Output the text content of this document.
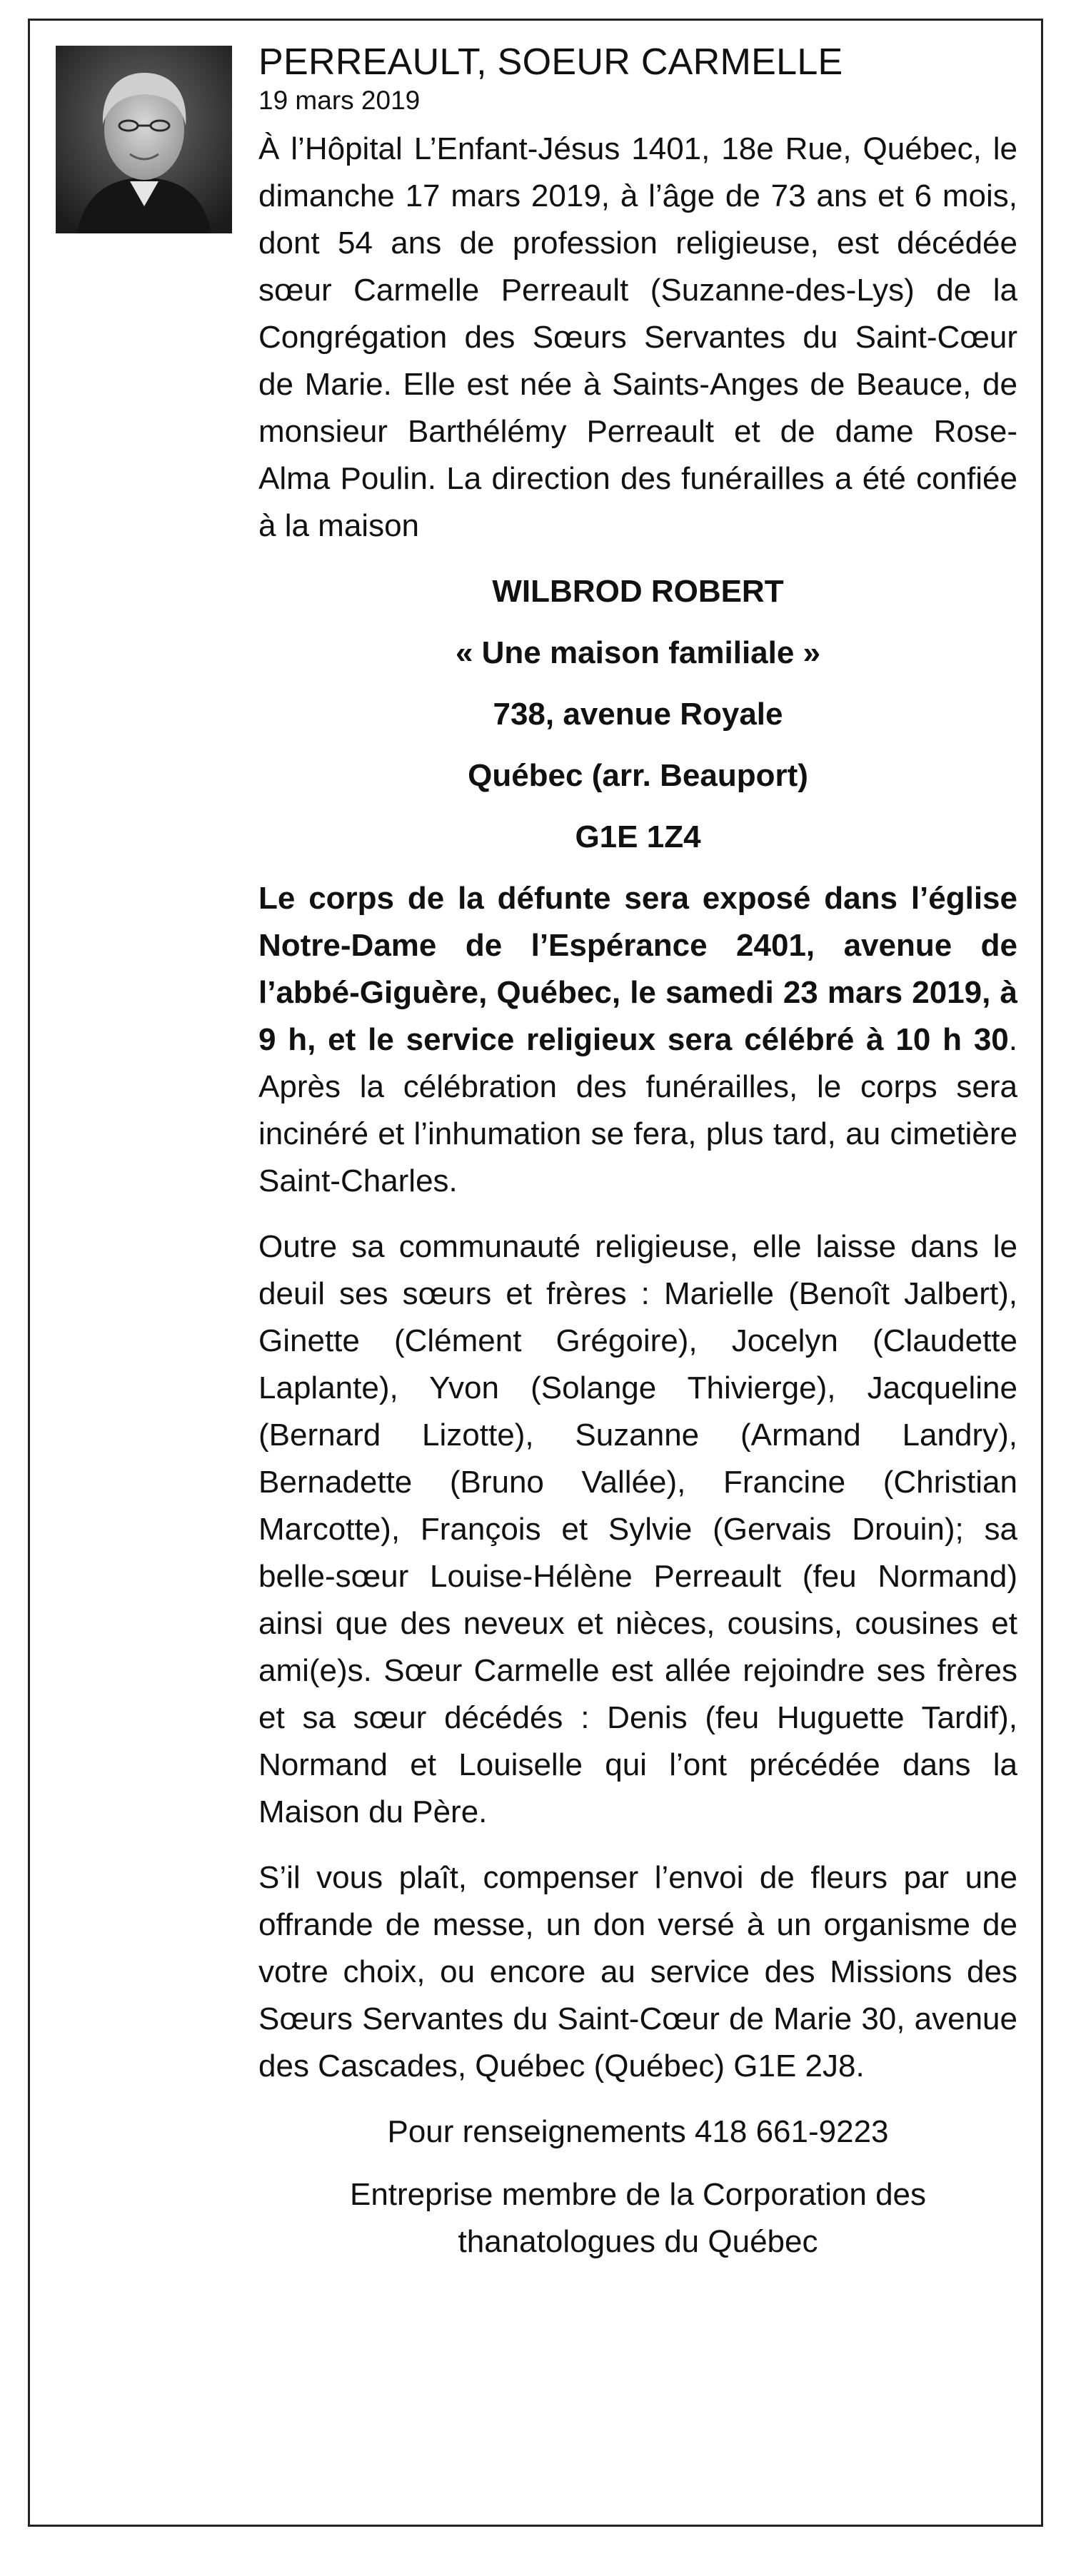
PERREAULT, SOEUR CARMELLE
19 mars 2019

À l’Hôpital L’Enfant-Jésus 1401, 18e Rue, Québec, le dimanche 17 mars 2019, à l’âge de 73 ans et 6 mois, dont 54 ans de profession religieuse, est décédée sœur Carmelle Perreault (Suzanne-des-Lys) de la Congrégation des Sœurs Servantes du Saint-Cœur de Marie. Elle est née à Saints-Anges de Beauce, de monsieur Barthélémy Perreault et de dame Rose-Alma Poulin. La direction des funérailles a été confiée à la maison

WILBROD ROBERT
« Une maison familiale »
738, avenue Royale
Québec (arr. Beauport)
G1E 1Z4

Le corps de la défunte sera exposé dans l’église Notre-Dame de l’Espérance 2401, avenue de l’abbé-Giguère, Québec, le samedi 23 mars 2019, à 9 h, et le service religieux sera célébré à 10 h 30. Après la célébration des funérailles, le corps sera incinéré et l’inhumation se fera, plus tard, au cimetière Saint-Charles.

Outre sa communauté religieuse, elle laisse dans le deuil ses sœurs et frères : Marielle (Benoît Jalbert), Ginette (Clément Grégoire), Jocelyn (Claudette Laplante), Yvon (Solange Thivierge), Jacqueline (Bernard Lizotte), Suzanne (Armand Landry), Bernadette (Bruno Vallée), Francine (Christian Marcotte), François et Sylvie (Gervais Drouin); sa belle-sœur Louise-Hélène Perreault (feu Normand) ainsi que des neveux et nièces, cousins, cousines et ami(e)s. Sœur Carmelle est allée rejoindre ses frères et sa sœur décédés : Denis (feu Huguette Tardif), Normand et Louiselle qui l’ont précédée dans la Maison du Père.

S’il vous plaît, compenser l’envoi de fleurs par une offrande de messe, un don versé à un organisme de votre choix, ou encore au service des Missions des Sœurs Servantes du Saint-Cœur de Marie 30, avenue des Cascades, Québec (Québec) G1E 2J8.

Pour renseignements 418 661-9223
Entreprise membre de la Corporation des thanatologues du Québec
